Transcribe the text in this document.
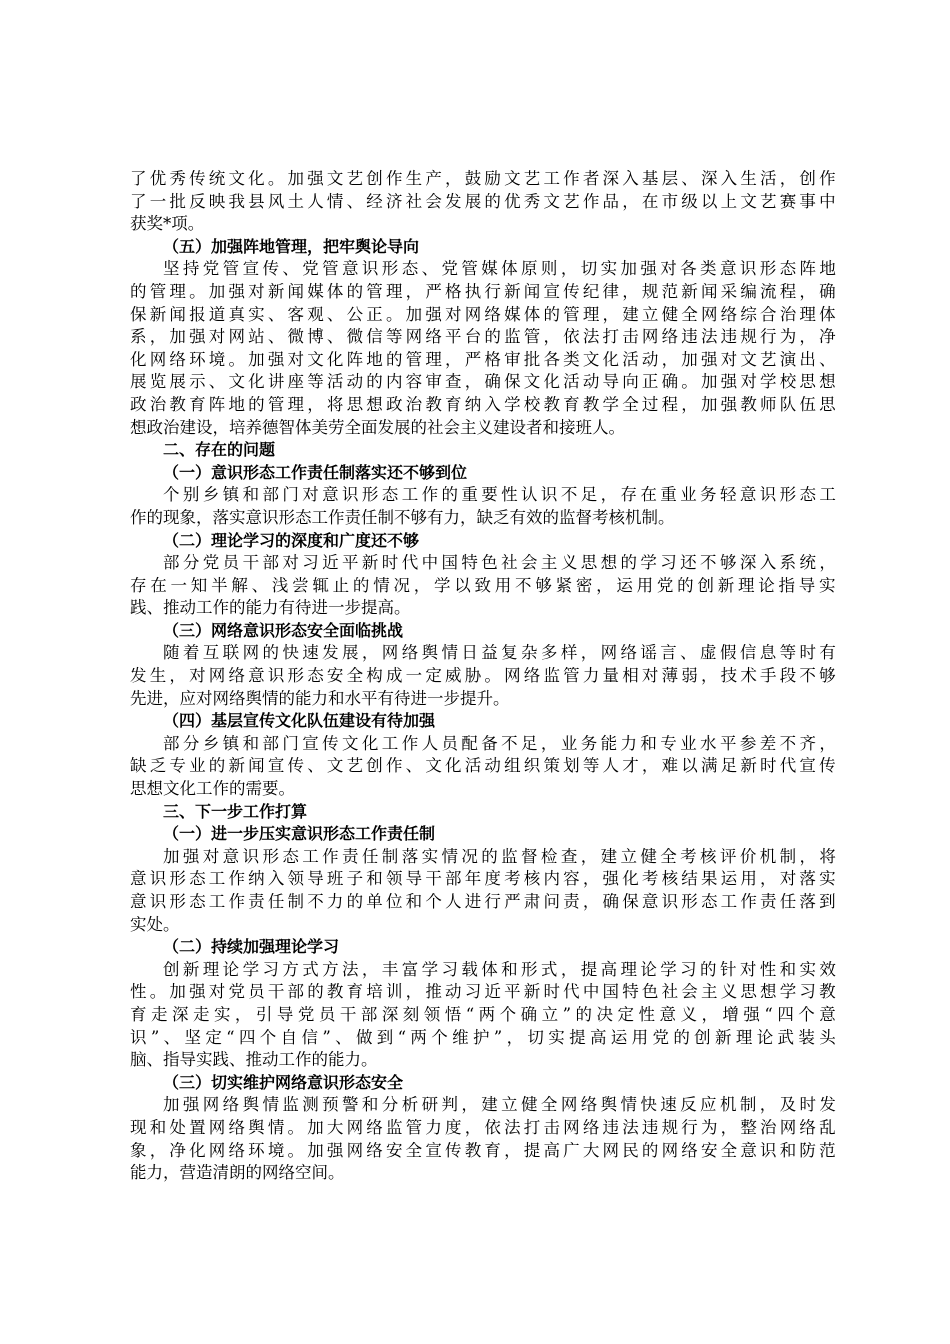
了 优 秀 传 统 文 化 。 加 强 文 艺 创 作 生 产 ， 鼓 励 文 艺 工 作 者 深 入 基 层 、 深 入 生 活 ， 创 作
了 一 批 反 映 我 县 风 土 人 情 、 经 济 社 会 发 展 的 优 秀 文 艺 作 品 ， 在 市 级 以 上 文 艺 赛 事 中
获奖*项。
（五）加强阵地管理，把牢舆论导向
坚 持 党 管 宣 传 、 党 管 意 识 形 态 、 党 管 媒 体 原 则 ， 切 实 加 强 对 各 类 意 识 形 态 阵 地
的 管 理 。 加 强 对 新 闻 媒 体 的 管 理 ， 严 格 执 行 新 闻 宣 传 纪 律 ， 规 范 新 闻 采 编 流 程 ， 确
保 新 闻 报 道 真 实 、 客 观 、 公 正 。 加 强 对 网 络 媒 体 的 管 理 ， 建 立 健 全 网 络 综 合 治 理 体
系 ， 加 强 对 网 站 、 微 博 、 微 信 等 网 络 平 台 的 监 管 ， 依 法 打 击 网 络 违 法 违 规 行 为 ， 净
化 网 络 环 境 。 加 强 对 文 化 阵 地 的 管 理 ， 严 格 审 批 各 类 文 化 活 动 ， 加 强 对 文 艺 演 出 、
展 览 展 示 、 文 化 讲 座 等 活 动 的 内 容 审 查 ， 确 保 文 化 活 动 导 向 正 确 。 加 强 对 学 校 思 想
政 治 教 育 阵 地 的 管 理 ， 将 思 想 政 治 教 育 纳 入 学 校 教 育 教 学 全 过 程 ， 加 强 教 师 队 伍 思
想政治建设，培养德智体美劳全面发展的社会主义建设者和接班人。
二、存在的问题
（一）意识形态工作责任制落实还不够到位
个 别 乡 镇 和 部 门 对 意 识 形 态 工 作 的 重 要 性 认 识 不 足 ， 存 在 重 业 务 轻 意 识 形 态 工
作的现象，落实意识形态工作责任制不够有力，缺乏有效的监督考核机制。
（二）理论学习的深度和广度还不够
部 分 党 员 干 部 对 习 近 平 新 时 代 中 国 特 色 社 会 主 义 思 想 的 学 习 还 不 够 深 入 系 统 ，
存 在 一 知 半 解 、 浅 尝 辄 止 的 情 况 ， 学 以 致 用 不 够 紧 密 ， 运 用 党 的 创 新 理 论 指 导 实
践、推动工作的能力有待进一步提高。
（三）网络意识形态安全面临挑战
随 着 互 联 网 的 快 速 发 展 ， 网 络 舆 情 日 益 复 杂 多 样 ， 网 络 谣 言 、 虚 假 信 息 等 时 有
发 生 ， 对 网 络 意 识 形 态 安 全 构 成 一 定 威 胁 。 网 络 监 管 力 量 相 对 薄 弱 ， 技 术 手 段 不 够
先进，应对网络舆情的能力和水平有待进一步提升。
（四）基层宣传文化队伍建设有待加强
部 分 乡 镇 和 部 门 宣 传 文 化 工 作 人 员 配 备 不 足 ， 业 务 能 力 和 专 业 水 平 参 差 不 齐 ，
缺 乏 专 业 的 新 闻 宣 传 、 文 艺 创 作 、 文 化 活 动 组 织 策 划 等 人 才 ， 难 以 满 足 新 时 代 宣 传
思想文化工作的需要。
三、下一步工作打算
（一）进一步压实意识形态工作责任制
加 强 对 意 识 形 态 工 作 责 任 制 落 实 情 况 的 监 督 检 查 ， 建 立 健 全 考 核 评 价 机 制 ， 将
意 识 形 态 工 作 纳 入 领 导 班 子 和 领 导 干 部 年 度 考 核 内 容 ， 强 化 考 核 结 果 运 用 ， 对 落 实
意 识 形 态 工 作 责 任 制 不 力 的 单 位 和 个 人 进 行 严 肃 问 责 ， 确 保 意 识 形 态 工 作 责 任 落 到
实处。
（二）持续加强理论学习
创 新 理 论 学 习 方 式 方 法 ， 丰 富 学 习 载 体 和 形 式 ， 提 高 理 论 学 习 的 针 对 性 和 实 效
性 。 加 强 对 党 员 干 部 的 教 育 培 训 ， 推 动 习 近 平 新 时 代 中 国 特 色 社 会 主 义 思 想 学 习 教
育 走 深 走 实 ， 引 导 党 员 干 部 深 刻 领 悟 “ 两 个 确 立 ” 的 决 定 性 意 义 ， 增 强 “ 四 个 意
识 ” 、 坚 定 “ 四 个 自 信 ” 、 做 到 “ 两 个 维 护 ” ， 切 实 提 高 运 用 党 的 创 新 理 论 武 装 头
脑、指导实践、推动工作的能力。
（三）切实维护网络意识形态安全
加 强 网 络 舆 情 监 测 预 警 和 分 析 研 判 ， 建 立 健 全 网 络 舆 情 快 速 反 应 机 制 ， 及 时 发
现 和 处 置 网 络 舆 情 。 加 大 网 络 监 管 力 度 ， 依 法 打 击 网 络 违 法 违 规 行 为 ， 整 治 网 络 乱
象 ， 净 化 网 络 环 境 。 加 强 网 络 安 全 宣 传 教 育 ， 提 高 广 大 网 民 的 网 络 安 全 意 识 和 防 范
能力，营造清朗的网络空间。
